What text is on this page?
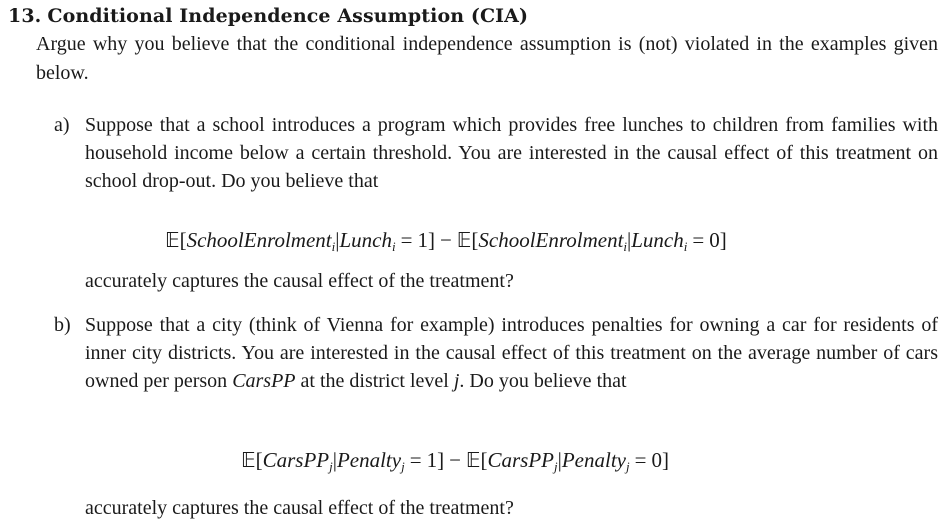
13. Conditional Independence Assumption (CIA)
Argue why you believe that the conditional independence assumption is (not) violated in the examples given below.
a) Suppose that a school introduces a program which provides free lunches to children from families with household income below a certain threshold. You are interested in the causal effect of this treatment on school drop-out. Do you believe that
𝔼[SchoolEnrolment$_i$|Lunch$_i$ = 1] − 𝔼[SchoolEnrolment$_i$|Lunch$_i$ = 0]
accurately captures the causal effect of the treatment?
b) Suppose that a city (think of Vienna for example) introduces penalties for owning a car for residents of inner city districts. You are interested in the causal effect of this treatment on the average number of cars owned per person CarsPP at the district level j. Do you believe that
𝔼[CarsPP$_j$|Penalty$_j$ = 1] − 𝔼[CarsPP$_j$|Penalty$_j$ = 0]
accurately captures the causal effect of the treatment?
